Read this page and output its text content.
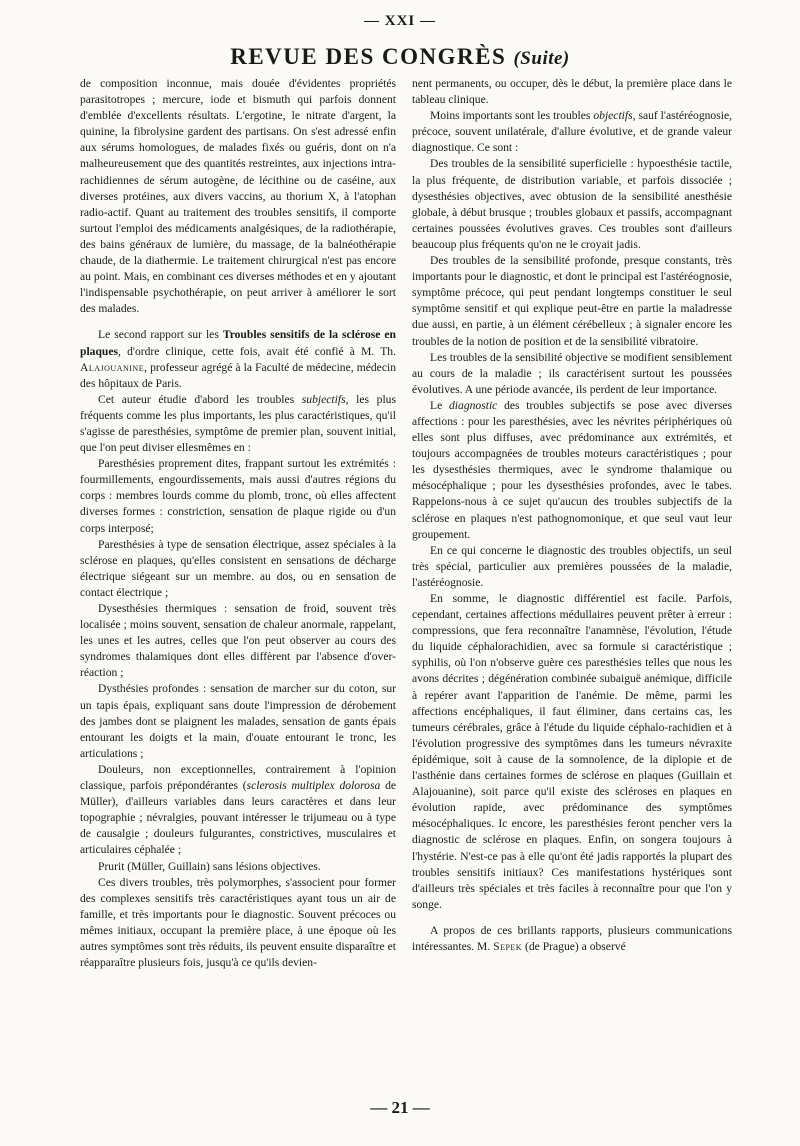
— XXI —
REVUE DES CONGRÈS (Suite)

de composition inconnue, mais douée d'évidentes propriétés parasitotropes ; mercure, iode et bismuth qui parfois donnent d'emblée d'excellents résultats. L'ergotine, le nitrate d'argent, la quinine, la fibrolysine gardent des partisans. On s'est adressé enfin aux sérums homologues, de malades fixés ou guéris, dont on n'a malheureusement que des quantités restreintes, aux injections intra-rachidiennes de sérum autogène, de lécithine ou de caséine, aux diverses protéines, aux divers vaccins, au thorium X, à l'atophan radio-actif. Quant au traitement des troubles sensitifs, il comporte surtout l'emploi des médicaments analgésiques, de la radiothérapie, des bains généraux de lumière, du massage, de la balnéothérapie chaude, de la diathermie. Le traitement chirurgical n'est pas encore au point. Mais, en combinant ces diverses méthodes et en y ajoutant l'indispensable psychothérapie, on peut arriver à améliorer le sort des malades.

Le second rapport sur les Troubles sensitifs de la sclérose en plaques, d'ordre clinique, cette fois, avait été confié à M. Th. Alajouanine, professeur agrégé à la Faculté de médecine, médecin des hôpitaux de Paris.

Cet auteur étudie d'abord les troubles subjectifs, les plus fréquents comme les plus importants, les plus caractéristiques, qu'il s'agisse de paresthésies, symptôme de premier plan, souvent initial, que l'on peut diviser ellesmêmes en :

Paresthésies proprement dites, frappant surtout les extrémités : fourmillements, engourdissements, mais aussi d'autres régions du corps : membres lourds comme du plomb, tronc, où elles affectent diverses formes : constriction, sensation de plaque rigide ou d'un corps interposé;

Paresthésies à type de sensation électrique, assez spéciales à la sclérose en plaques, qu'elles consistent en sensations de décharge électrique siégeant sur un membre. au dos, ou en sensation de contact électrique ;

Dysesthésies thermiques : sensation de froid, souvent très localisée ; moins souvent, sensation de chaleur anormale, rappelant, les unes et les autres, celles que l'on peut observer au cours des syndromes thalamiques dont elles diffèrent par l'absence d'over-réaction ;

Dysthésies profondes : sensation de marcher sur du coton, sur un tapis épais, expliquant sans doute l'impression de dérobement des jambes dont se plaignent les malades, sensation de gants épais entourant les doigts et la main, d'ouate entourant le tronc, les articulations ;

Douleurs, non exceptionnelles, contrairement à l'opinion classique, parfois prépondérantes (sclerosis multiplex dolorosa de Müller), d'ailleurs variables dans leurs caractères et dans leur topographie ; névralgies, pouvant intéresser le trijumeau ou à type de causalgie ; douleurs fulgurantes, constrictives, musculaires et articulaires céphalée ;

Prurit (Müller, Guillain) sans lésions objectives.

Ces divers troubles, très polymorphes, s'associent pour former des complexes sensitifs très caractéristiques ayant tous un air de famille, et très importants pour le diagnostic. Souvent précoces ou mêmes initiaux, occupant la première place, à une époque où les autres symptômes sont très réduits, ils peuvent ensuite disparaître et réapparaître plusieurs fois, jusqu'à ce qu'ils devien-

nent permanents, ou occuper, dès le début, la première place dans le tableau clinique.

Moins importants sont les troubles objectifs, sauf l'astéréognosie, précoce, souvent unilatérale, d'allure évolutive, et de grande valeur diagnostique. Ce sont :

Des troubles de la sensibilité superficielle : hypoesthésie tactile, la plus fréquente, de distribution variable, et parfois dissociée ; dysesthésies objectives, avec obtusion de la sensibilité anesthésie globale, à début brusque ; troubles globaux et passifs, accompagnant certaines poussées évolutives graves. Ces troubles sont d'ailleurs beaucoup plus fréquents qu'on ne le croyait jadis.

Des troubles de la sensibilité profonde, presque constants, très importants pour le diagnostic, et dont le principal est l'astéréognosie, symptôme précoce, qui peut pendant longtemps constituer le seul symptôme sensitif et qui explique peut-être en partie la maladresse due aussi, en partie, à un élément cérébelleux ; à signaler encore les troubles de la notion de position et de la sensibilité vibratoire.

Les troubles de la sensibilité objective se modifient sensiblement au cours de la maladie ; ils caractérisent surtout les poussées évolutives. A une période avancée, ils perdent de leur importance.

Le diagnostic des troubles subjectifs se pose avec diverses affections : pour les paresthésies, avec les névrites périphériques où elles sont plus diffuses, avec prédominance aux extrémités, et toujours accompagnées de troubles moteurs caractéristiques ; pour les dysesthésies thermiques, avec le syndrome thalamique ou mésocéphalique ; pour les dysesthésies profondes, avec le tabes. Rappelons-nous à ce sujet qu'aucun des troubles subjectifs de la sclérose en plaques n'est pathognomonique, et que seul vaut leur groupement.

En ce qui concerne le diagnostic des troubles objectifs, un seul très spécial, particulier aux premières poussées de la maladie, l'astéréognosie.

En somme, le diagnostic différentiel est facile. Parfois, cependant, certaines affections médullaires peuvent prêter à erreur : compressions, que fera reconnaître l'anamnèse, l'évolution, l'étude du liquide céphalorachidien, avec sa formule si caractéristique ; syphilis, où l'on n'observe guère ces paresthésies telles que nous les avons décrites ; dégénération combinée subaiguë anémique, difficile à repérer avant l'apparition de l'anémie. De même, parmi les affections encéphaliques, il faut éliminer, dans certains cas, les tumeurs cérébrales, grâce à l'étude du liquide céphalo-rachidien et à l'évolution progressive des symptômes dans les tumeurs névraxite épidémique, soit à cause de la somnolence, de la diplopie et de l'asthénie dans certaines formes de sclérose en plaques (Guillain et Alajouanine), soit parce qu'il existe des scléroses en plaques en évolution rapide, avec prédominance des symptômes mésocéphaliques. Ic encore, les paresthésies feront pencher vers la diagnostic de sclérose en plaques. Enfin, on songera toujours à l'hystérie. N'est-ce pas à elle qu'ont été jadis rapportés la plupart des troubles sensitifs initiaux? Ces manifestations hystériques sont d'ailleurs très spéciales et très faciles à reconnaître pour que l'on y songe.

A propos de ces brillants rapports, plusieurs communications intéressantes. M. Sepek (de Prague) a observé

— 21 —
